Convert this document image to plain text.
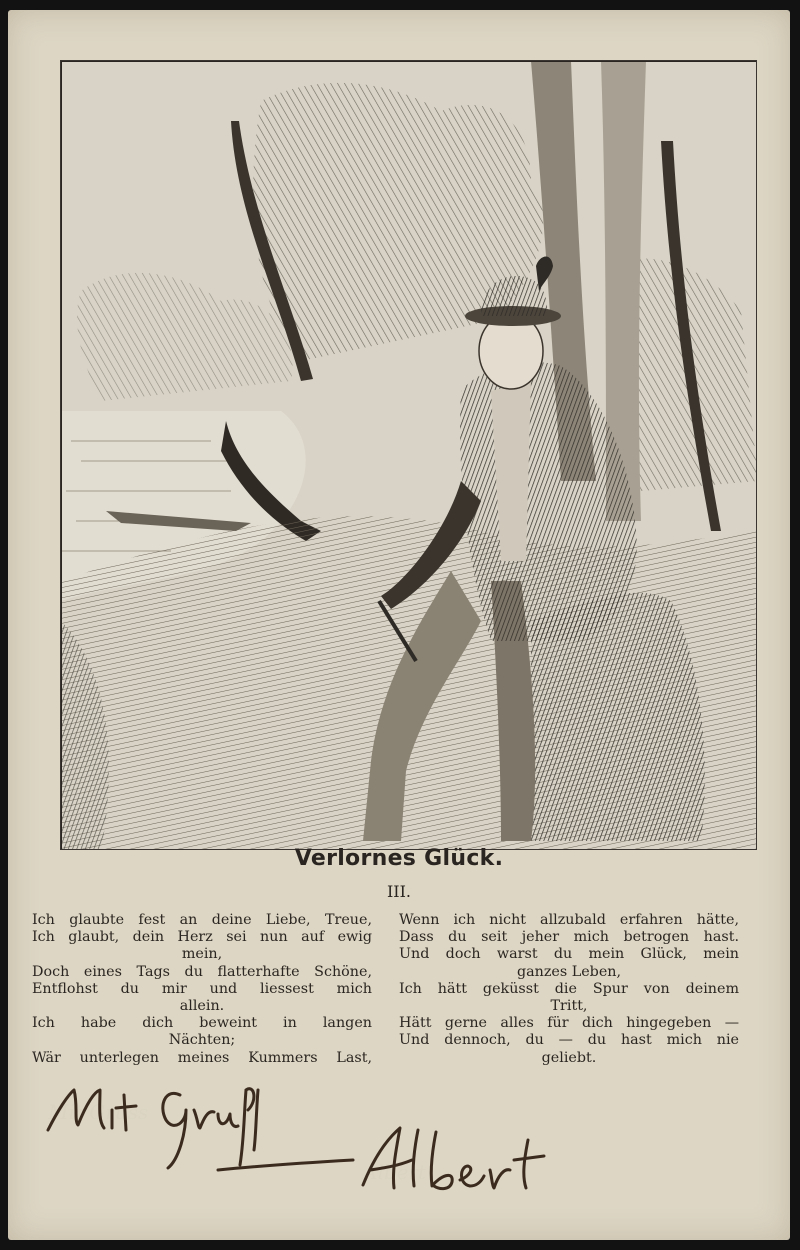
Verlornes Glück.
III.
Ich glaubte fest an deine Liebe, Treue,
Ich glaubt, dein Herz sei nun auf ewig
mein,
Doch eines Tags du flatterhafte Schöne,
Entflohst du mir und liessest mich
allein.
Ich habe dich beweint in langen
Nächten;
Wär unterlegen meines Kummers Last,
Wenn ich nicht allzubald erfahren hätte,
Dass du seit jeher mich betrogen hast.
Und doch warst du mein Glück, mein
ganzes Leben,
Ich hätt geküsst die Spur von deinem
Tritt,
Hätt gerne alles für dich hingegeben —
Und dennoch, du — du hast mich nie
geliebt.
